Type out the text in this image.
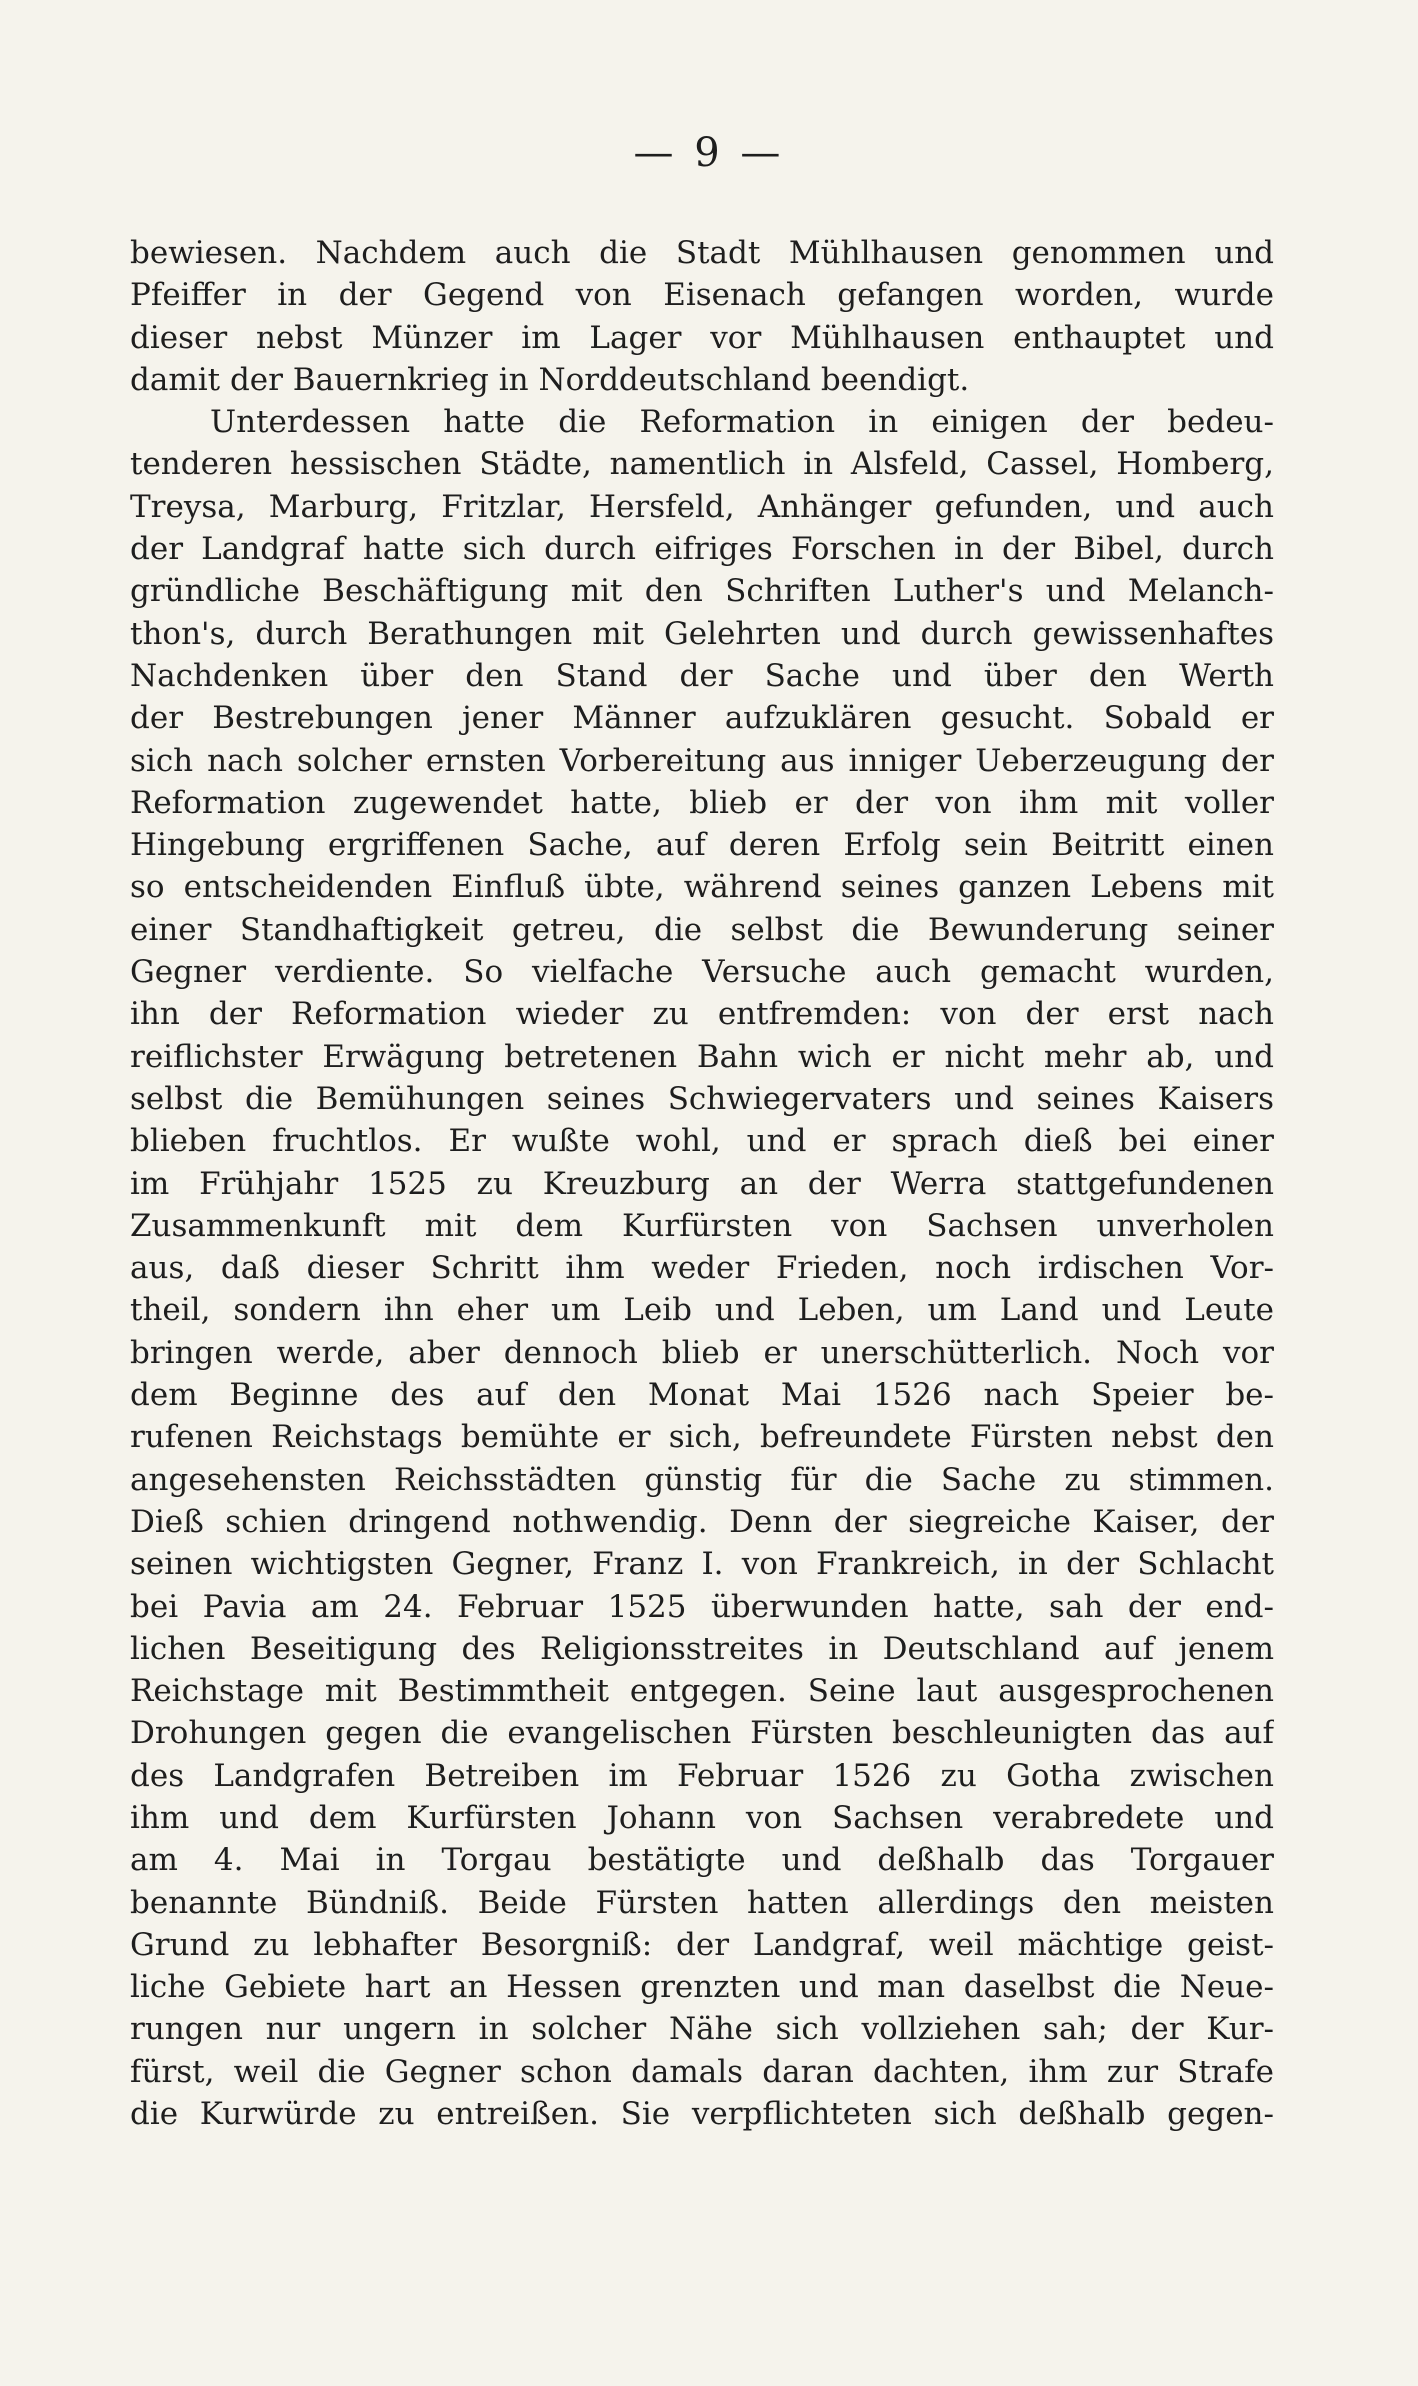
— 9 —
bewiesen. Nachdem auch die Stadt Mühlhausen genommen und
Pfeiffer in der Gegend von Eisenach gefangen worden, wurde
dieser nebst Münzer im Lager vor Mühlhausen enthauptet und
damit der Bauernkrieg in Norddeutschland beendigt.
Unterdessen hatte die Reformation in einigen der bedeu-
tenderen hessischen Städte, namentlich in Alsfeld, Cassel, Homberg,
Treysa, Marburg, Fritzlar, Hersfeld, Anhänger gefunden, und auch
der Landgraf hatte sich durch eifriges Forschen in der Bibel, durch
gründliche Beschäftigung mit den Schriften Luther's und Melanch-
thon's, durch Berathungen mit Gelehrten und durch gewissenhaftes
Nachdenken über den Stand der Sache und über den Werth
der Bestrebungen jener Männer aufzuklären gesucht. Sobald er
sich nach solcher ernsten Vorbereitung aus inniger Ueberzeugung der
Reformation zugewendet hatte, blieb er der von ihm mit voller
Hingebung ergriffenen Sache, auf deren Erfolg sein Beitritt einen
so entscheidenden Einfluß übte, während seines ganzen Lebens mit
einer Standhaftigkeit getreu, die selbst die Bewunderung seiner
Gegner verdiente. So vielfache Versuche auch gemacht wurden,
ihn der Reformation wieder zu entfremden: von der erst nach
reiflichster Erwägung betretenen Bahn wich er nicht mehr ab, und
selbst die Bemühungen seines Schwiegervaters und seines Kaisers
blieben fruchtlos. Er wußte wohl, und er sprach dieß bei einer
im Frühjahr 1525 zu Kreuzburg an der Werra stattgefundenen
Zusammenkunft mit dem Kurfürsten von Sachsen unverholen
aus, daß dieser Schritt ihm weder Frieden, noch irdischen Vor-
theil, sondern ihn eher um Leib und Leben, um Land und Leute
bringen werde, aber dennoch blieb er unerschütterlich. Noch vor
dem Beginne des auf den Monat Mai 1526 nach Speier be-
rufenen Reichstags bemühte er sich, befreundete Fürsten nebst den
angesehensten Reichsstädten günstig für die Sache zu stimmen.
Dieß schien dringend nothwendig. Denn der siegreiche Kaiser, der
seinen wichtigsten Gegner, Franz I. von Frankreich, in der Schlacht
bei Pavia am 24. Februar 1525 überwunden hatte, sah der end-
lichen Beseitigung des Religionsstreites in Deutschland auf jenem
Reichstage mit Bestimmtheit entgegen. Seine laut ausgesprochenen
Drohungen gegen die evangelischen Fürsten beschleunigten das auf
des Landgrafen Betreiben im Februar 1526 zu Gotha zwischen
ihm und dem Kurfürsten Johann von Sachsen verabredete und
am 4. Mai in Torgau bestätigte und deßhalb das Torgauer
benannte Bündniß. Beide Fürsten hatten allerdings den meisten
Grund zu lebhafter Besorgniß: der Landgraf, weil mächtige geist-
liche Gebiete hart an Hessen grenzten und man daselbst die Neue-
rungen nur ungern in solcher Nähe sich vollziehen sah; der Kur-
fürst, weil die Gegner schon damals daran dachten, ihm zur Strafe
die Kurwürde zu entreißen. Sie verpflichteten sich deßhalb gegen-
